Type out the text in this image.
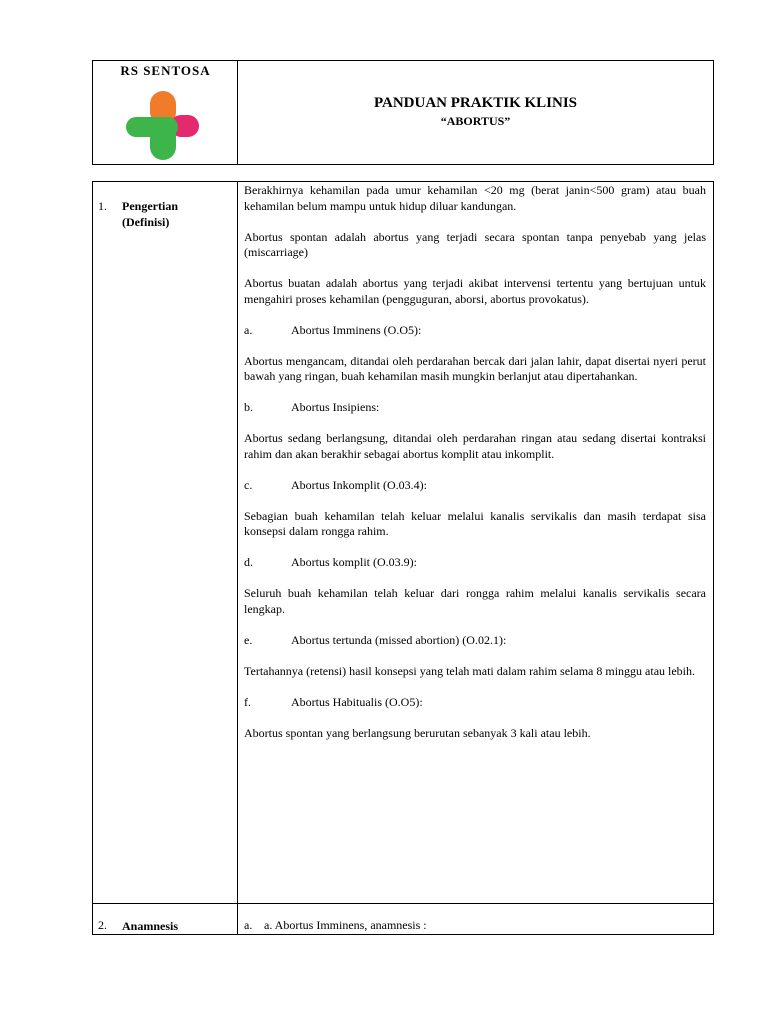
RS SENTOSA
PANDUAN PRAKTIK KLINIS
“ABORTUS”
1. Pengertian
(Definisi)

Berakhirnya kehamilan pada umur kehamilan <20 mg (berat janin<500 gram) atau buah kehamilan belum mampu untuk hidup diluar kandungan.

Abortus spontan adalah abortus yang terjadi secara spontan tanpa penyebab yang jelas (miscarriage)

Abortus buatan adalah abortus yang terjadi akibat intervensi tertentu yang bertujuan untuk mengahiri proses kehamilan (pengguguran, aborsi, abortus provokatus).

a.	Abortus Imminens (O.O5):

Abortus mengancam, ditandai oleh perdarahan bercak dari jalan lahir, dapat disertai nyeri perut bawah yang ringan, buah kehamilan masih mungkin berlanjut atau dipertahankan.

b.	Abortus Insipiens:

Abortus sedang berlangsung, ditandai oleh perdarahan ringan atau sedang disertai kontraksi rahim dan akan berakhir sebagai abortus komplit atau inkomplit.

c.	Abortus Inkomplit (O.03.4):

Sebagian buah kehamilan telah keluar melalui kanalis servikalis dan masih terdapat sisa konsepsi dalam rongga rahim.

d.	Abortus komplit (O.03.9):

Seluruh buah kehamilan telah keluar dari rongga rahim melalui kanalis servikalis secara lengkap.

e.	Abortus tertunda (missed abortion) (O.02.1):

Tertahannya (retensi) hasil konsepsi yang telah mati dalam rahim selama 8 minggu atau lebih.

f.	Abortus Habitualis (O.O5):

Abortus spontan yang berlangsung berurutan sebanyak 3 kali atau lebih.

2. Anamnesis	a. a. Abortus Imminens, anamnesis :
